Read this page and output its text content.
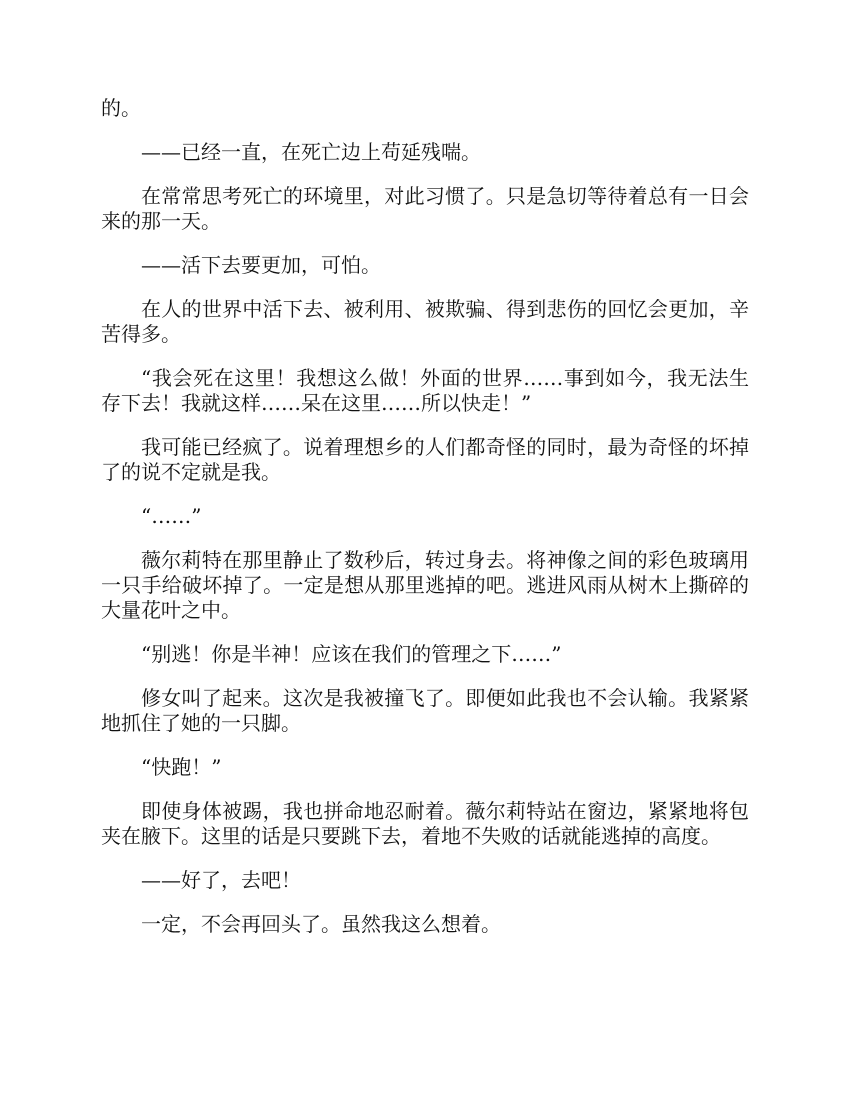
的。

——已经一直，在死亡边上苟延残喘。

在常常思考死亡的环境里，对此习惯了。只是急切等待着总有一日会来的那一天。

——活下去要更加，可怕。

在人的世界中活下去、被利用、被欺骗、得到悲伤的回忆会更加，辛苦得多。

“我会死在这里！我想这么做！外面的世界……事到如今，我无法生存下去！我就这样……呆在这里……所以快走！”

我可能已经疯了。说着理想乡的人们都奇怪的同时，最为奇怪的坏掉了的说不定就是我。

“……”

薇尔莉特在那里静止了数秒后，转过身去。将神像之间的彩色玻璃用一只手给破坏掉了。一定是想从那里逃掉的吧。逃进风雨从树木上撕碎的大量花叶之中。

“别逃！你是半神！应该在我们的管理之下……”

修女叫了起来。这次是我被撞飞了。即便如此我也不会认输。我紧紧地抓住了她的一只脚。

“快跑！”

即使身体被踢，我也拼命地忍耐着。薇尔莉特站在窗边，紧紧地将包夹在腋下。这里的话是只要跳下去，着地不失败的话就能逃掉的高度。

——好了，去吧！

一定，不会再回头了。虽然我这么想着。
